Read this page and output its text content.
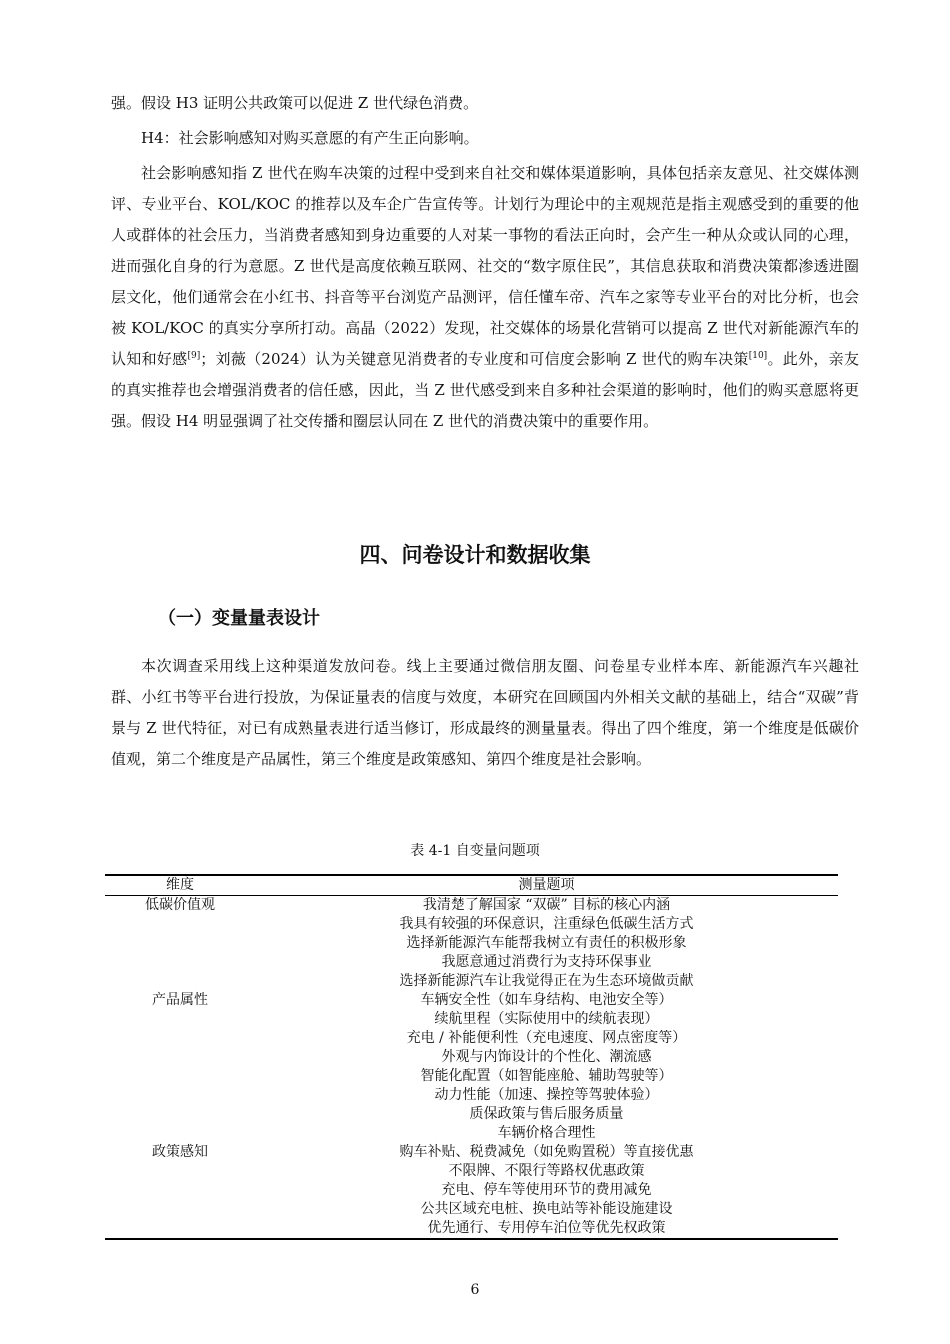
强。假设 H3 证明公共政策可以促进 Z 世代绿色消费。

H4：社会影响感知对购买意愿的有产生正向影响。

社会影响感知指 Z 世代在购车决策的过程中受到来自社交和媒体渠道影响，具体包括亲友意见、社交媒体测评、专业平台、KOL/KOC 的推荐以及车企广告宣传等。计划行为理论中的主观规范是指主观感受到的重要的他人或群体的社会压力，当消费者感知到身边重要的人对某一事物的看法正向时，会产生一种从众或认同的心理，进而强化自身的行为意愿。Z 世代是高度依赖互联网、社交的“数字原住民”，其信息获取和消费决策都渗透进圈层文化，他们通常会在小红书、抖音等平台浏览产品测评，信任懂车帝、汽车之家等专业平台的对比分析，也会被 KOL/KOC 的真实分享所打动。高晶（2022）发现，社交媒体的场景化营销可以提高 Z 世代对新能源汽车的认知和好感[9]；刘薇（2024）认为关键意见消费者的专业度和可信度会影响 Z 世代的购车决策[10]。此外，亲友的真实推荐也会增强消费者的信任感，因此，当 Z 世代感受到来自多种社会渠道的影响时，他们的购买意愿将更强。假设 H4 明显强调了社交传播和圈层认同在 Z 世代的消费决策中的重要作用。

四、问卷设计和数据收集
（一）变量量表设计

本次调查采用线上这种渠道发放问卷。线上主要通过微信朋友圈、问卷星专业样本库、新能源汽车兴趣社群、小红书等平台进行投放，为保证量表的信度与效度，本研究在回顾国内外相关文献的基础上，结合“双碳”背景与 Z 世代特征，对已有成熟量表进行适当修订，形成最终的测量量表。得出了四个维度，第一个维度是低碳价值观，第二个维度是产品属性，第三个维度是政策感知、第四个维度是社会影响。

表 4-1 自变量问题项

维度	测量题项
低碳价值观	我清楚了解国家 “双碳” 目标的核心内涵
	我具有较强的环保意识，注重绿色低碳生活方式
	选择新能源汽车能帮我树立有责任的积极形象
	我愿意通过消费行为支持环保事业
	选择新能源汽车让我觉得正在为生态环境做贡献
产品属性	车辆安全性（如车身结构、电池安全等）
	续航里程（实际使用中的续航表现）
	充电 / 补能便利性（充电速度、网点密度等）
	外观与内饰设计的个性化、潮流感
	智能化配置（如智能座舱、辅助驾驶等）
	动力性能（加速、操控等驾驶体验）
	质保政策与售后服务质量
	车辆价格合理性
政策感知	购车补贴、税费减免（如免购置税）等直接优惠
	不限牌、不限行等路权优惠政策
	充电、停车等使用环节的费用减免
	公共区域充电桩、换电站等补能设施建设
	优先通行、专用停车泊位等优先权政策

6
